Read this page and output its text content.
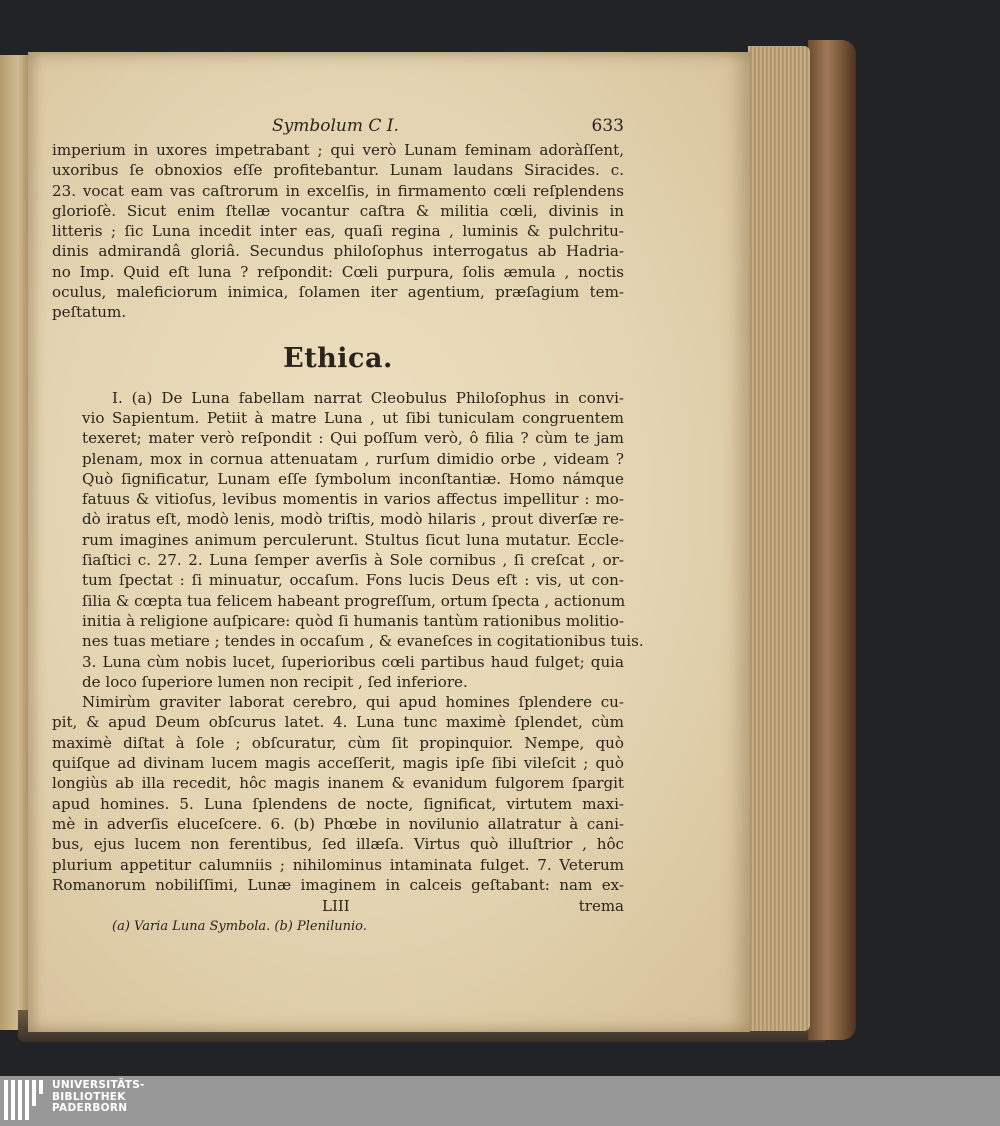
Symbolum C I.	633

imperium in uxores impetrabant ; qui verò Lunam feminam adoràſſent,
uxoribus ſe obnoxios eſſe profitebantur. Lunam laudans Siracides. c.
23. vocat eam vas caſtrorum in excelſis, in firmamento cœli reſplendens
glorioſè. Sicut enim ſtellæ vocantur caſtra & militia cœli, divinis in
litteris ; ſic Luna incedit inter eas, quaſi regina , luminis & pulchritu-
dinis admirandâ gloriâ. Secundus philoſophus interrogatus ab Hadria-
no Imp. Quid eſt luna ? reſpondit: Cœli purpura, ſolis æmula , noctis
oculus, maleficiorum inimica, ſolamen iter agentium, præſagium tem-
peſtatum.

Ethica.

I. (a) De Luna fabellam narrat Cleobulus Philoſophus in convi-
vio Sapientum. Petiit à matre Luna , ut ſibi tuniculam congruentem
texeret; mater verò reſpondit : Qui poſſum verò, ô filia ? cùm te jam
plenam, mox in cornua attenuatam , rurſum dimidio orbe , videam ?
Quò ſignificatur, Lunam eſſe ſymbolum inconſtantiæ. Homo námque
fatuus & vitioſus, levibus momentis in varios affectus impellitur : mo-
dò iratus eſt, modò lenis, modò triſtis, modò hilaris , prout diverſæ re-
rum imagines animum perculerunt. Stultus ſicut luna mutatur. Eccle-
ſiaſtici c. 27. 2. Luna ſemper averſis à Sole cornibus , ſi creſcat , or-
tum ſpectat : ſi minuatur, occaſum. Fons lucis Deus eſt : vis, ut con-
ſilia & cœpta tua felicem habeant progreſſum, ortum ſpecta , actionum
initia à religione auſpicare: quòd ſi humanis tantùm rationibus molitio-
nes tuas metiare ; tendes in occaſum , & evaneſces in cogitationibus tuis.
3. Luna cùm nobis lucet, ſuperioribus cœli partibus haud fulget; quia
de loco ſuperiore lumen non recipit , ſed inferiore.

Nimirùm graviter laborat cerebro, qui apud homines ſplendere cu-
pit, & apud Deum obſcurus latet. 4. Luna tunc maximè ſplendet, cùm
maximè diſtat à ſole ; obſcuratur, cùm ſit propinquior. Nempe, quò
quiſque ad divinam lucem magis acceſſerit, magis ipſe ſibi vileſcit ; quò
longiùs ab illa recedit, hôc magis inanem & evanidum fulgorem ſpargit
apud homines. 5. Luna ſplendens de nocte, ſignificat, virtutem maxi-
mè in adverſis eluceſcere. 6. (b) Phœbe in novilunio allatratur à cani-
bus, ejus lucem non ferentibus, ſed illæſa. Virtus quò illuſtrior , hôc
plurium appetitur calumniis ; nihilominus intaminata fulget. 7. Veterum
Romanorum nobiliſſimi, Lunæ imaginem in calceis geſtabant: nam ex-

LIII	trema
(a) Varia Luna Symbola. (b) Plenilunio.
UNIVERSITÄTS-
BIBLIOTHEK
PADERBORN
